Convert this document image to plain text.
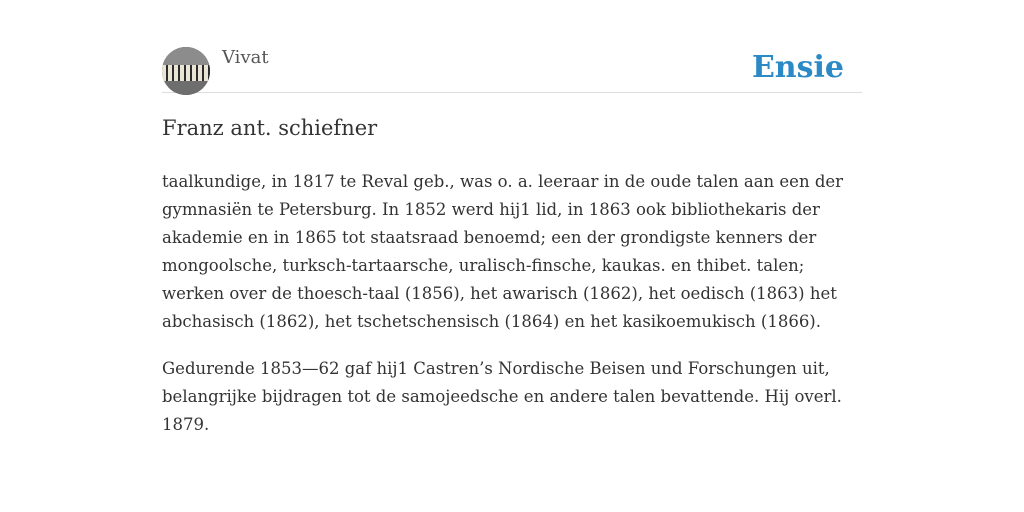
Vivat	Ensie
Franz ant. schiefner

taalkundige, in 1817 te Reval geb., was o. a. leeraar in de oude talen aan een der gymnasiën te Petersburg. In 1852 werd hij1 lid, in 1863 ook bibliothekaris der akademie en in 1865 tot staatsraad benoemd; een der grondigste kenners der mongoolsche, turksch-tartaarsche, uralisch-finsche, kaukas. en thibet. talen; werken over de thoesch-taal (1856), het awarisch (1862), het oedisch (1863) het abchasisch (1862), het tschetschensisch (1864) en het kasikoemukisch (1866).

Gedurende 1853—62 gaf hij1 Castren’s Nordische Beisen und Forschungen uit, belangrijke bijdragen tot de samojeedsche en andere talen bevattende. Hij overl. 1879.
